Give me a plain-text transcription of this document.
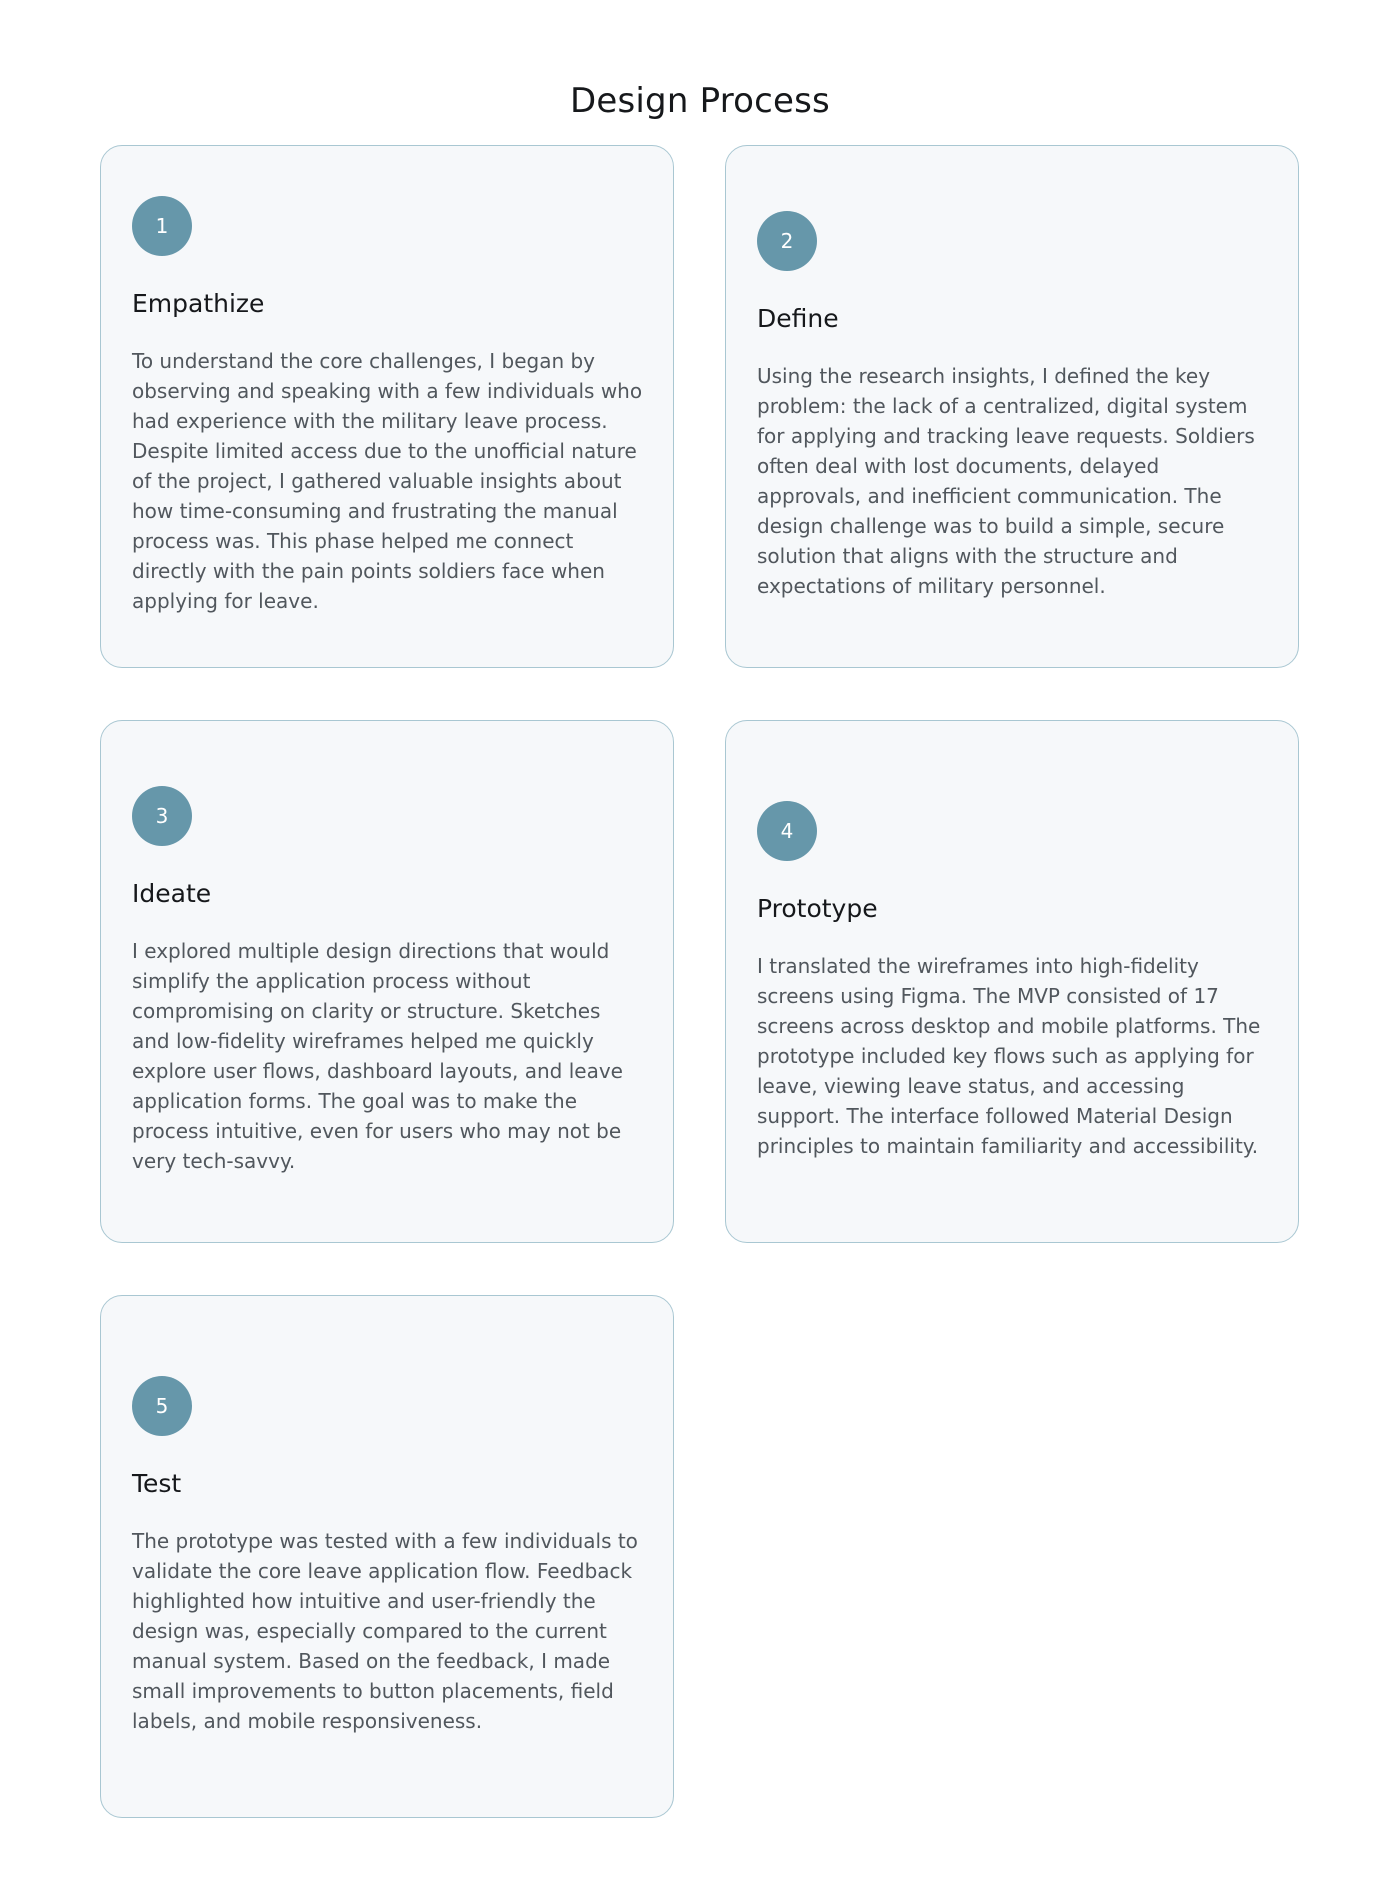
Design Process
1
Empathize
To understand the core challenges, I began by observing and speaking with a few individuals who had experience with the military leave process. Despite limited access due to the unofficial nature of the project, I gathered valuable insights about how time-consuming and frustrating the manual process was. This phase helped me connect directly with the pain points soldiers face when applying for leave.
2
Define
Using the research insights, I defined the key problem: the lack of a centralized, digital system for applying and tracking leave requests. Soldiers often deal with lost documents, delayed approvals, and inefficient communication. The design challenge was to build a simple, secure solution that aligns with the structure and expectations of military personnel.
3
Ideate
I explored multiple design directions that would simplify the application process without compromising on clarity or structure. Sketches and low-fidelity wireframes helped me quickly explore user flows, dashboard layouts, and leave application forms. The goal was to make the process intuitive, even for users who may not be very tech-savvy.
4
Prototype
I translated the wireframes into high-fidelity screens using Figma. The MVP consisted of 17 screens across desktop and mobile platforms. The prototype included key flows such as applying for leave, viewing leave status, and accessing support. The interface followed Material Design principles to maintain familiarity and accessibility.
5
Test
The prototype was tested with a few individuals to validate the core leave application flow. Feedback highlighted how intuitive and user-friendly the design was, especially compared to the current manual system. Based on the feedback, I made small improvements to button placements, field labels, and mobile responsiveness.
